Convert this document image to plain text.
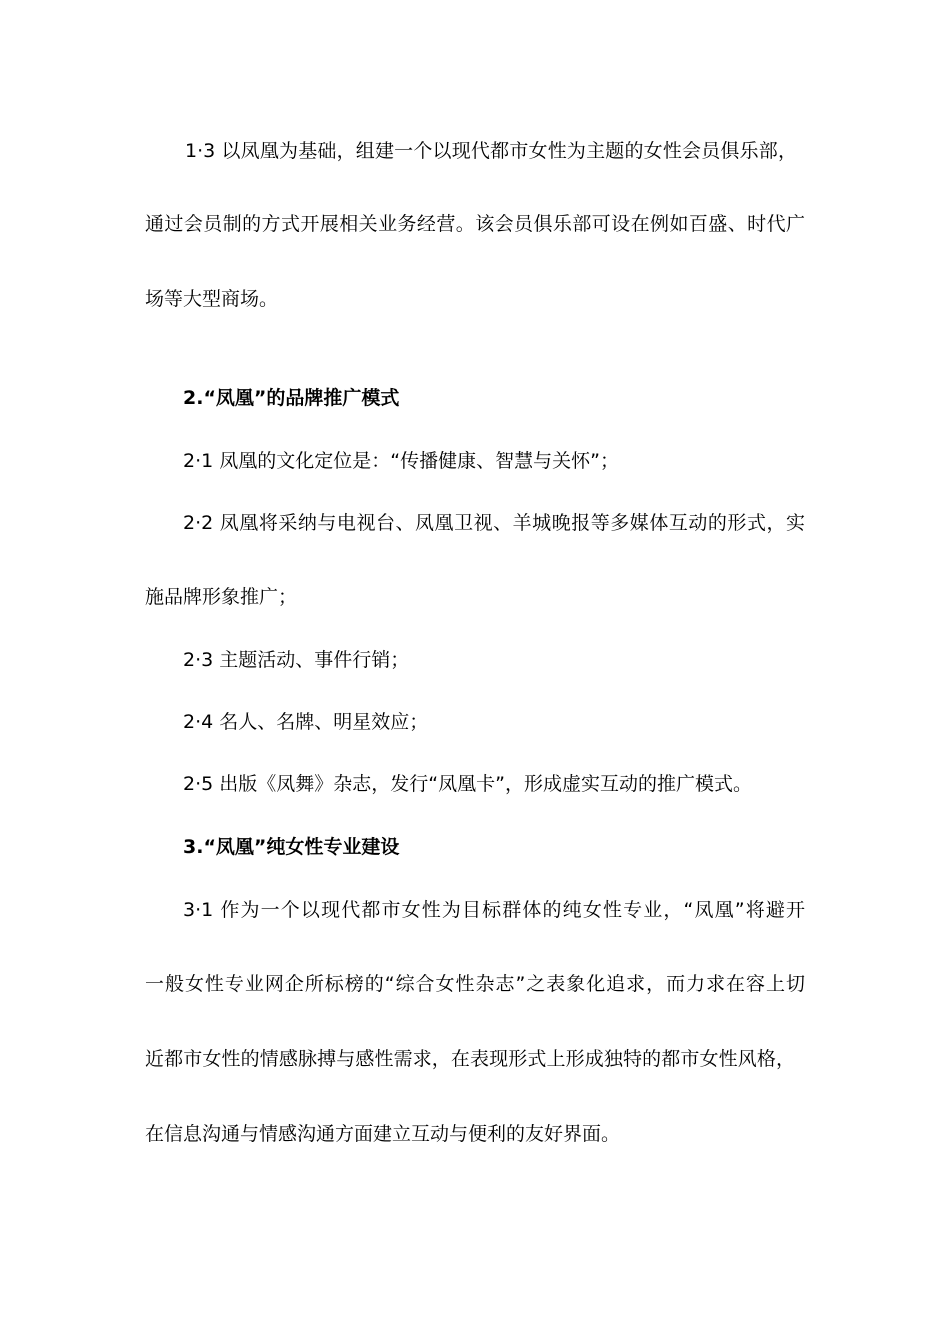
1·3 以凤凰为基础，组建一个以现代都市女性为主题的女性会员俱乐部，

通过会员制的方式开展相关业务经营。该会员俱乐部可设在例如百盛、时代广

场等大型商场。

2.“凤凰”的品牌推广模式

2·1 凤凰的文化定位是：“传播健康、智慧与关怀”；

2·2 凤凰将采纳与电视台、凤凰卫视、羊城晚报等多媒体互动的形式，实

施品牌形象推广；

2·3 主题活动、事件行销；

2·4 名人、名牌、明星效应；

2·5 出版《凤舞》杂志，发行“凤凰卡”，形成虚实互动的推广模式。

3.“凤凰”纯女性专业建设

3·1 作为一个以现代都市女性为目标群体的纯女性专业，“凤凰”将避开

一般女性专业网企所标榜的“综合女性杂志”之表象化追求，而力求在容上切

近都市女性的情感脉搏与感性需求，在表现形式上形成独特的都市女性风格，

在信息沟通与情感沟通方面建立互动与便利的友好界面。
